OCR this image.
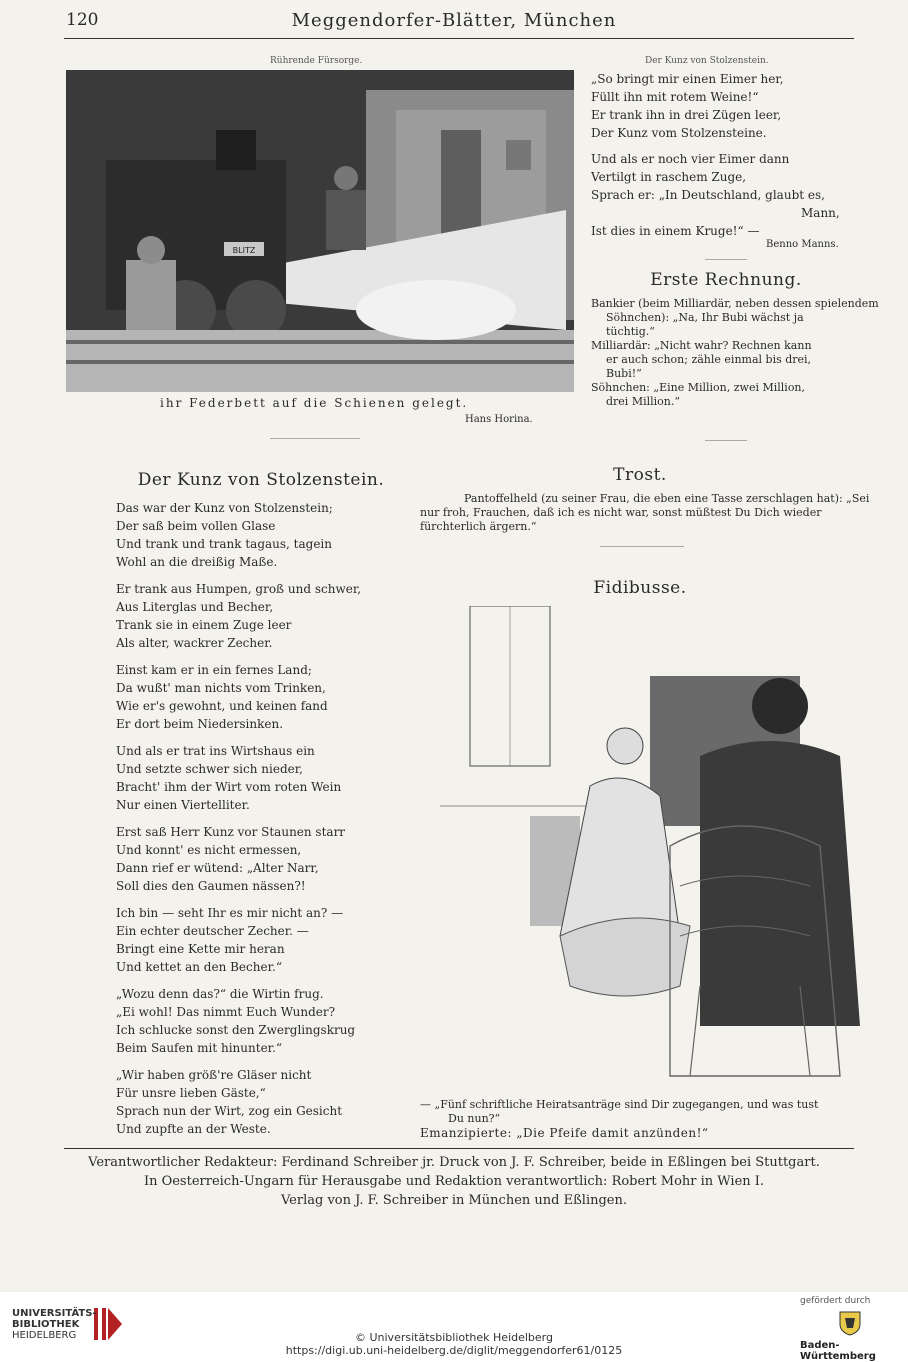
120	Meggendorfer-Blätter, München
Rührende Fürsorge.
BLITZ
ihr Federbett auf die Schienen gelegt.
Hans Horina.
Der Kunz von Stolzenstein.
„So bringt mir einen Eimer her,
Füllt ihn mit rotem Weine!“
Er trank ihn in drei Zügen leer,
Der Kunz vom Stolzensteine.
Und als er noch vier Eimer dann
Vertilgt in raschem Zuge,
Sprach er: „In Deutschland, glaubt es,
Mann,
Ist dies in einem Kruge!“ —
Benno Manns.
Erste Rechnung.
Bankier (beim Milliardär, neben dessen spielendem
Söhnchen): „Na, Ihr Bubi wächst ja
tüchtig.“
Milliardär: „Nicht wahr? Rechnen kann
er auch schon; zähle einmal bis drei,
Bubi!“
Söhnchen: „Eine Million, zwei Million,
drei Million.“
Der Kunz von Stolzenstein.
Das war der Kunz von Stolzenstein;
Der saß beim vollen Glase
Und trank und trank tagaus, tagein
Wohl an die dreißig Maße.
Er trank aus Humpen, groß und schwer,
Aus Literglas und Becher,
Trank sie in einem Zuge leer
Als alter, wackrer Zecher.
Einst kam er in ein fernes Land;
Da wußt' man nichts vom Trinken,
Wie er's gewohnt, und keinen fand
Er dort beim Niedersinken.
Und als er trat ins Wirtshaus ein
Und setzte schwer sich nieder,
Bracht' ihm der Wirt vom roten Wein
Nur einen Viertelliter.
Erst saß Herr Kunz vor Staunen starr
Und konnt' es nicht ermessen,
Dann rief er wütend: „Alter Narr,
Soll dies den Gaumen nässen?!
Ich bin — seht Ihr es mir nicht an? —
Ein echter deutscher Zecher. —
Bringt eine Kette mir heran
Und kettet an den Becher.“
„Wozu denn das?“ die Wirtin frug.
„Ei wohl! Das nimmt Euch Wunder?
Ich schlucke sonst den Zwerglingskrug
Beim Saufen mit hinunter.“
„Wir haben größ're Gläser nicht
Für unsre lieben Gäste,“
Sprach nun der Wirt, zog ein Gesicht
Und zupfte an der Weste.
Trost.
Pantoffelheld (zu seiner Frau, die eben eine Tasse zerschlagen hat): „Sei
nur froh, Frauchen, daß ich es nicht war, sonst müßtest Du Dich wieder
fürchterlich ärgern.“
Fidibusse.
— „Fünf schriftliche Heiratsanträge sind Dir zugegangen, und was tust
Du nun?“
Emanzipierte: „Die Pfeife damit anzünden!“
Verantwortlicher Redakteur: Ferdinand Schreiber jr. Druck von J. F. Schreiber, beide in Eßlingen bei Stuttgart.
In Oesterreich-Ungarn für Herausgabe und Redaktion verantwortlich: Robert Mohr in Wien I.
Verlag von J. F. Schreiber in München und Eßlingen.
UNIVERSITÄTS-
BIBLIOTHEK
HEIDELBERG	© Universitätsbibliothek Heidelberg
https://digi.ub.uni-heidelberg.de/diglit/meggendorfer61/0125
gefördert durch
Baden-Württemberg
